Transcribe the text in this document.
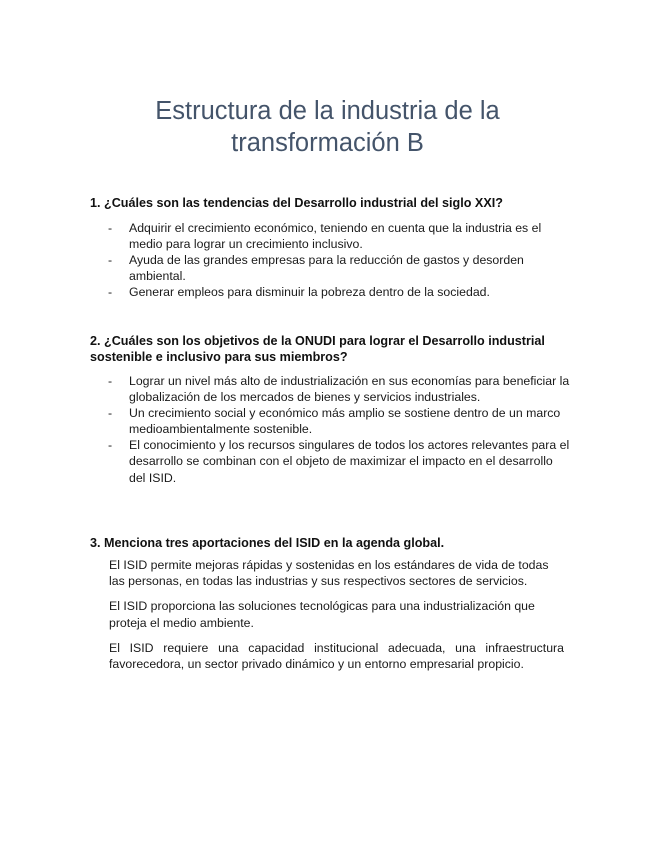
Estructura de la industria de la
transformación B

1. ¿Cuáles son las tendencias del Desarrollo industrial del siglo XXI?

-	Adquirir el crecimiento económico, teniendo en cuenta que la industria es el medio para lograr un crecimiento inclusivo.
-	Ayuda de las grandes empresas para la reducción de gastos y desorden ambiental.
-	Generar empleos para disminuir la pobreza dentro de la sociedad.

2. ¿Cuáles son los objetivos de la ONUDI para lograr el Desarrollo industrial sostenible e inclusivo para sus miembros?

-	Lograr un nivel más alto de industrialización en sus economías para beneficiar la globalización de los mercados de bienes y servicios industriales.
-	Un crecimiento social y económico más amplio se sostiene dentro de un marco medioambientalmente sostenible.
-	El conocimiento y los recursos singulares de todos los actores relevantes para el desarrollo se combinan con el objeto de maximizar el impacto en el desarrollo del ISID.

3. Menciona tres aportaciones del ISID en la agenda global.

El ISID permite mejoras rápidas y sostenidas en los estándares de vida de todas las personas, en todas las industrias y sus respectivos sectores de servicios.

El ISID proporciona las soluciones tecnológicas para una industrialización que proteja el medio ambiente.

El ISID requiere una capacidad institucional adecuada, una infraestructura favorecedora, un sector privado dinámico y un entorno empresarial propicio.
